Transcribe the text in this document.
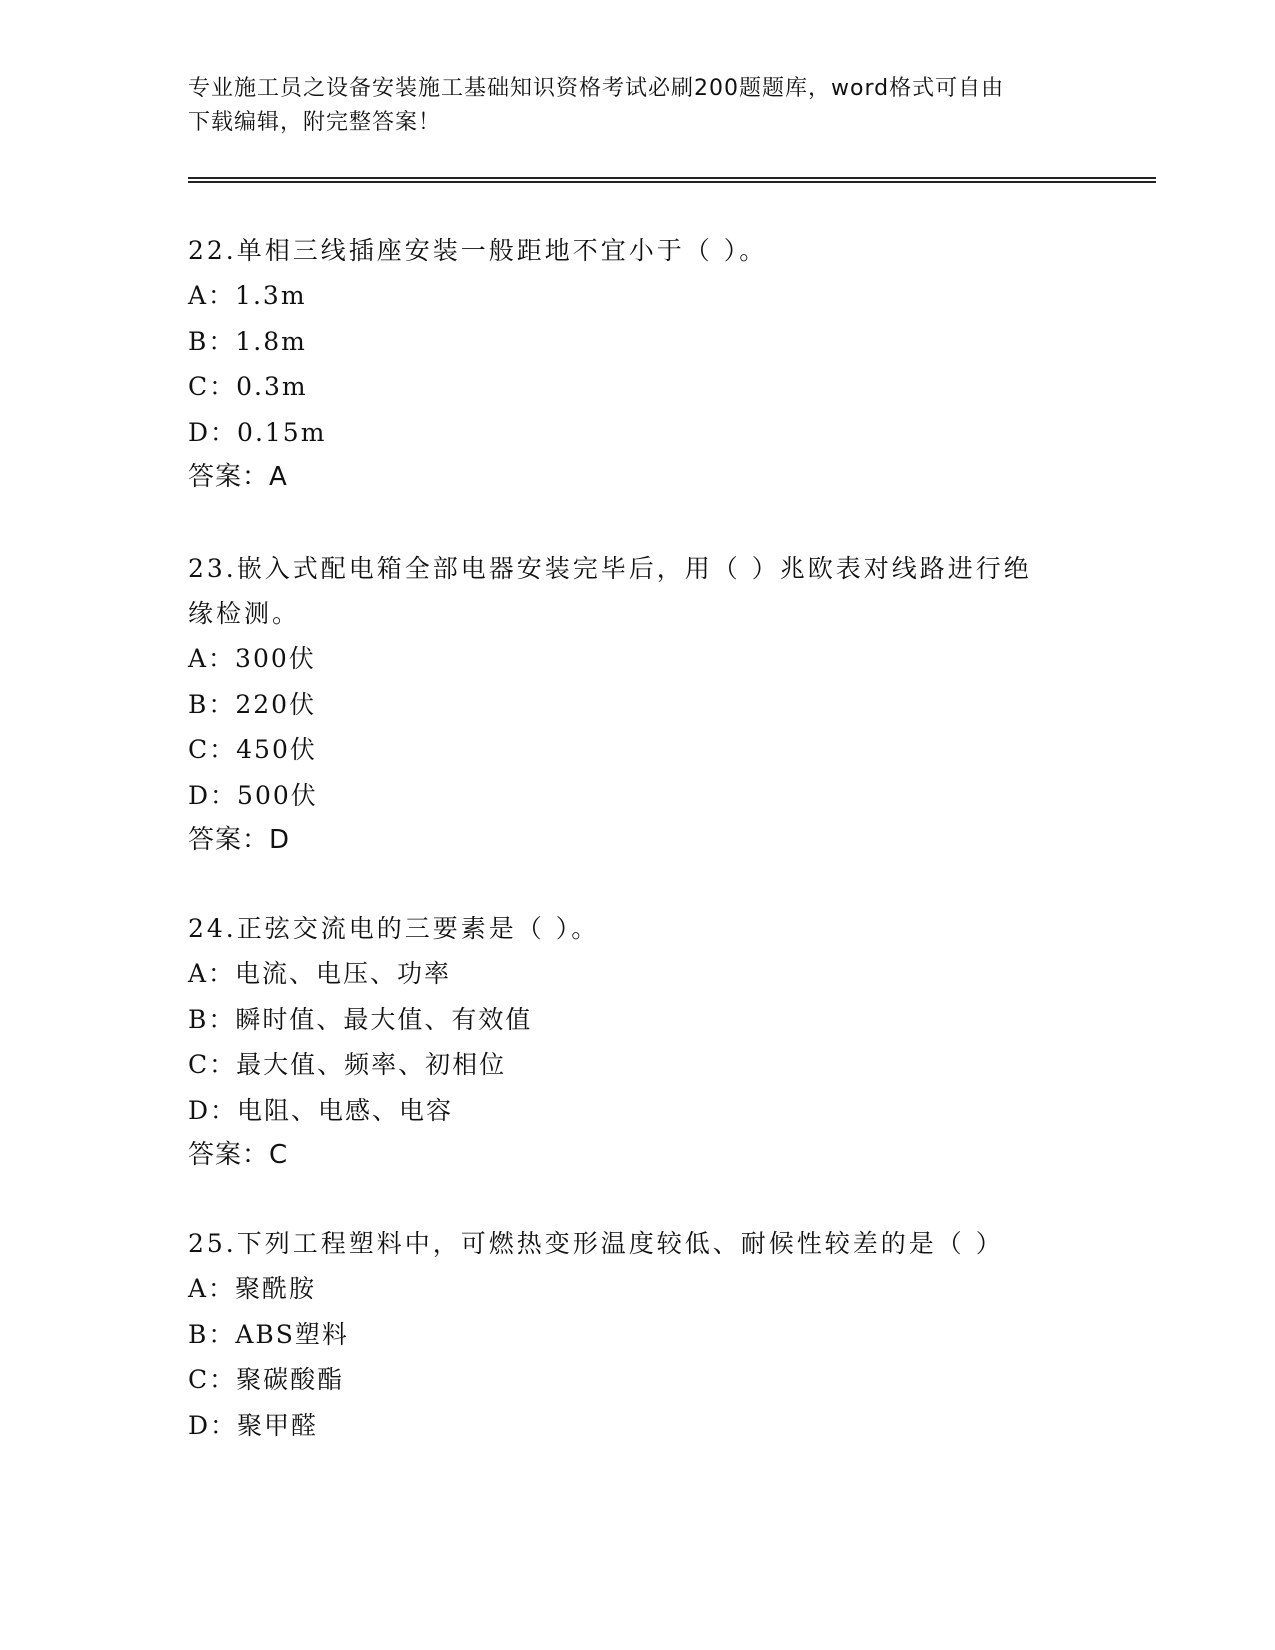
专业施工员之设备安装施工基础知识资格考试必刷200题题库，word格式可自由
下载编辑，附完整答案！

22.单相三线插座安装一般距地不宜小于（ ）。

A：1.3m

B：1.8m

C：0.3m

D：0.15m

答案：A

23.嵌入式配电箱全部电器安装完毕后，用（ ）兆欧表对线路进行绝

缘检测。

A：300伏

B：220伏

C：450伏

D：500伏

答案：D

24.正弦交流电的三要素是（ ）。

A：电流、电压、功率

B：瞬时值、最大值、有效值

C：最大值、频率、初相位

D：电阻、电感、电容

答案：C

25.下列工程塑料中，可燃热变形温度较低、耐候性较差的是（ ）

A：聚酰胺

B：ABS塑料

C：聚碳酸酯

D：聚甲醛
